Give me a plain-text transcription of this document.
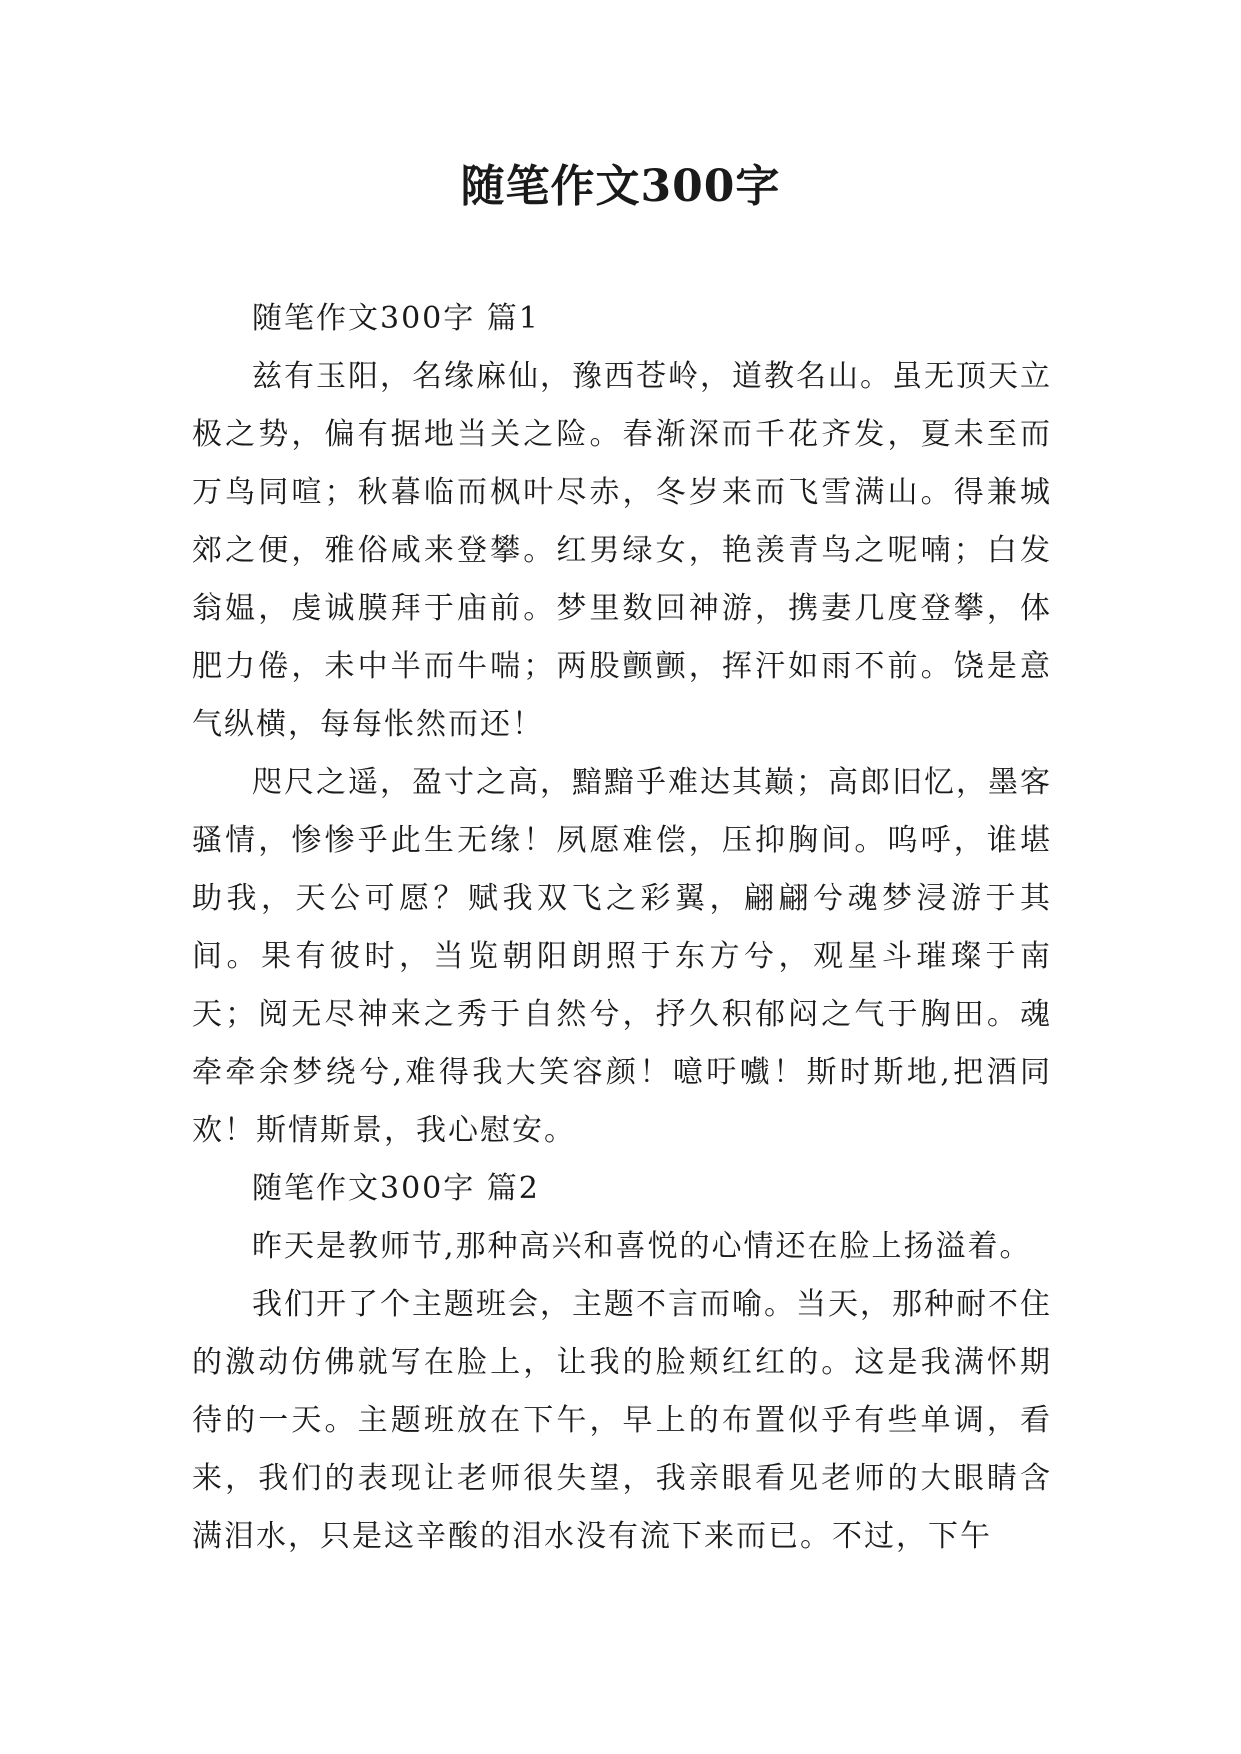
随笔作文300字

随笔作文300字 篇1

兹有玉阳，名缘麻仙，豫西苍岭，道教名山。虽无顶天立极之势，偏有据地当关之险。春渐深而千花齐发，夏未至而万鸟同喧；秋暮临而枫叶尽赤，冬岁来而飞雪满山。得兼城郊之便，雅俗咸来登攀。红男绿女，艳羡青鸟之呢喃；白发翁媪，虔诚膜拜于庙前。梦里数回神游，携妻几度登攀，体肥力倦，未中半而牛喘；两股颤颤，挥汗如雨不前。饶是意气纵横，每每怅然而还！

咫尺之遥，盈寸之高，黯黯乎难达其巅；高郎旧忆，墨客骚情，惨惨乎此生无缘！夙愿难偿，压抑胸间。呜呼，谁堪助我，天公可愿？赋我双飞之彩翼，翩翩兮魂梦浸游于其间。果有彼时，当览朝阳朗照于东方兮，观星斗璀璨于南天；阅无尽神来之秀于自然兮，抒久积郁闷之气于胸田。魂牵牵余梦绕兮,难得我大笑容颜！噫吁嚱！斯时斯地,把酒同欢！斯情斯景，我心慰安。

随笔作文300字 篇2

昨天是教师节,那种高兴和喜悦的心情还在脸上扬溢着。

我们开了个主题班会，主题不言而喻。当天，那种耐不住的激动仿佛就写在脸上，让我的脸颊红红的。这是我满怀期待的一天。主题班放在下午，早上的布置似乎有些单调，看来，我们的表现让老师很失望，我亲眼看见老师的大眼睛含满泪水，只是这辛酸的泪水没有流下来而已。不过，下午
